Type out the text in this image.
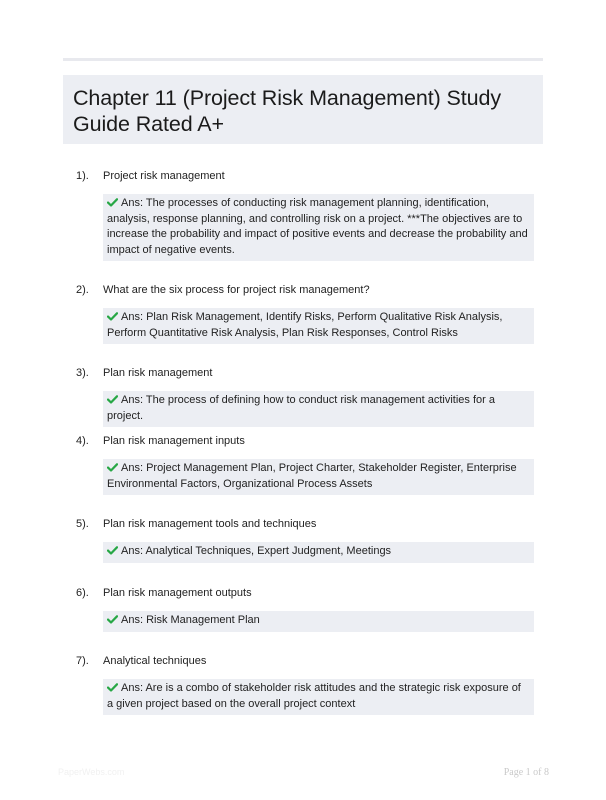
Chapter 11 (Project Risk Management) Study Guide Rated A+
1). Project risk management
Ans: The processes of conducting risk management planning, identification, analysis, response planning, and controlling risk on a project. ***The objectives are to increase the probability and impact of positive events and decrease the probability and impact of negative events.
2). What are the six process for project risk management?
Ans: Plan Risk Management, Identify Risks, Perform Qualitative Risk Analysis, Perform Quantitative Risk Analysis, Plan Risk Responses, Control Risks
3). Plan risk management
Ans: The process of defining how to conduct risk management activities for a project.
4). Plan risk management inputs
Ans: Project Management Plan, Project Charter, Stakeholder Register, Enterprise Environmental Factors, Organizational Process Assets
5). Plan risk management tools and techniques
Ans: Analytical Techniques, Expert Judgment, Meetings
6). Plan risk management outputs
Ans: Risk Management Plan
7). Analytical techniques
Ans: Are is a combo of stakeholder risk attitudes and the strategic risk exposure of a given project based on the overall project context
PaperWebs.com	Page 1 of 8
